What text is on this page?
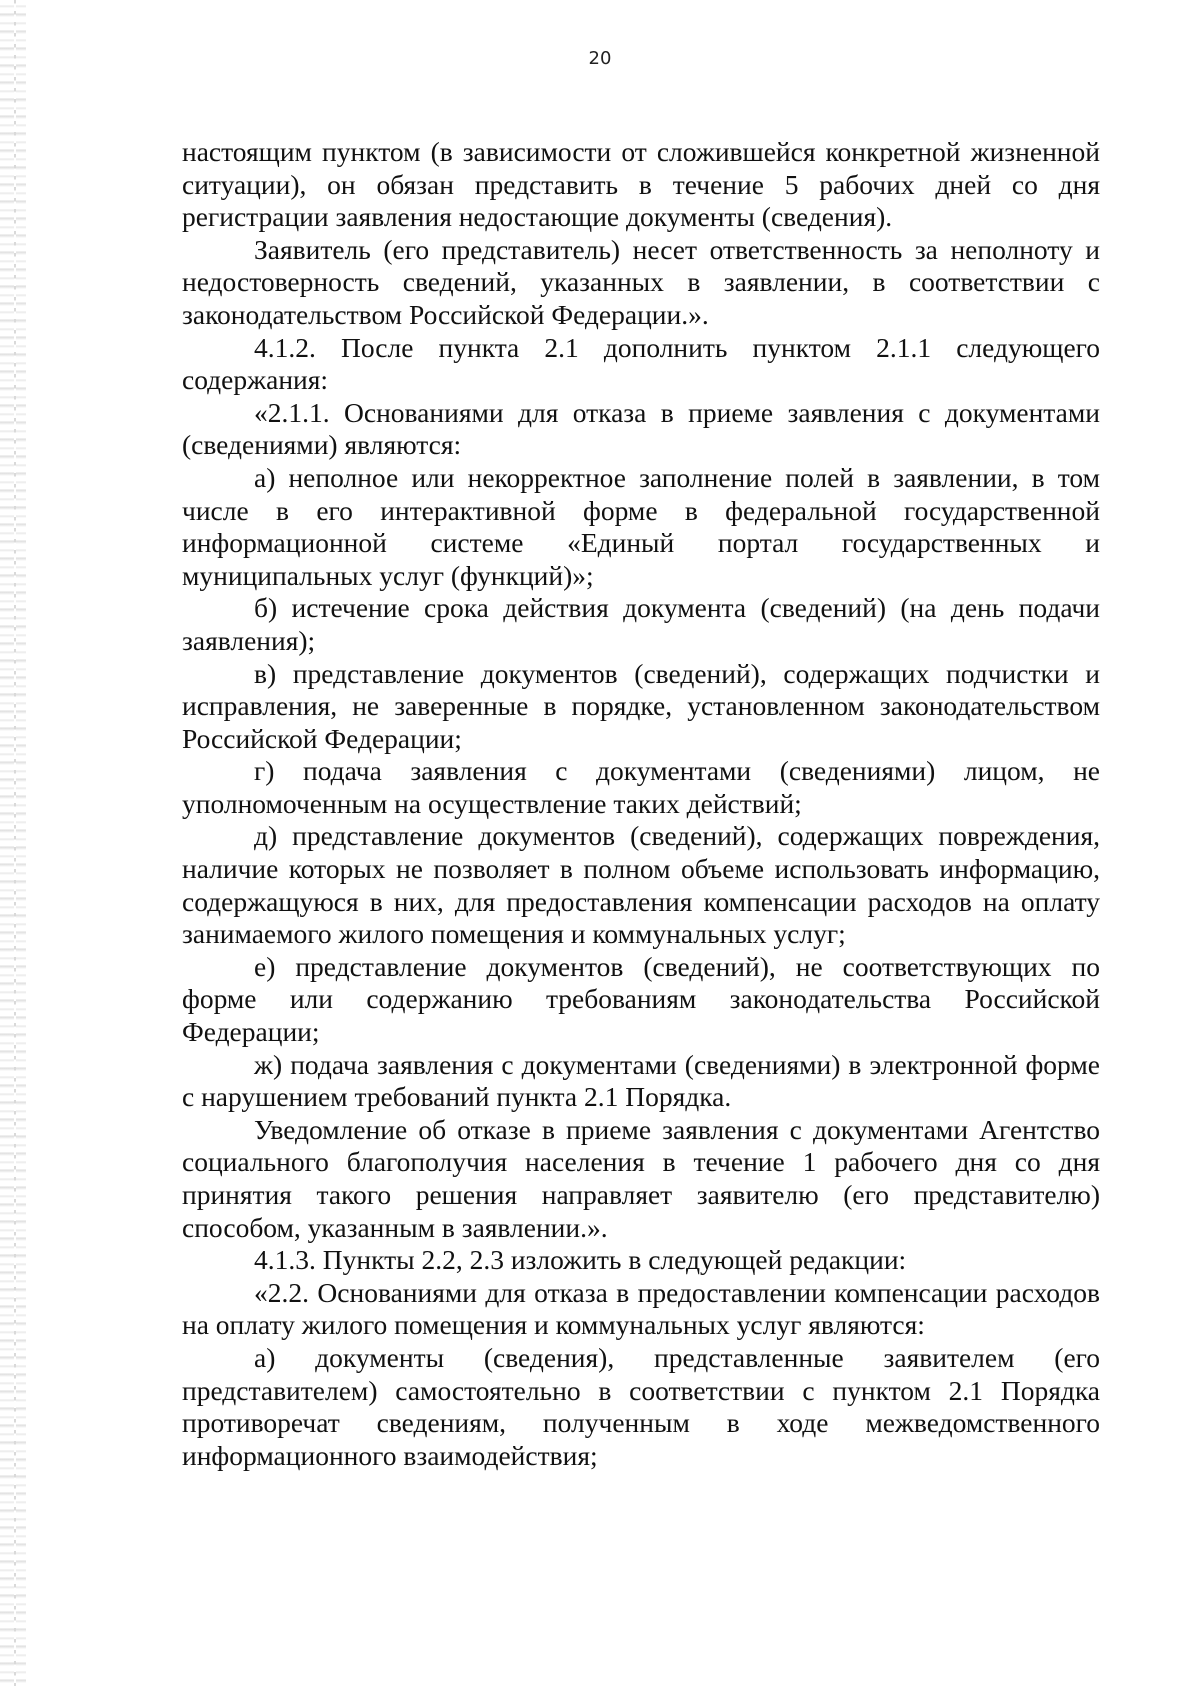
20

настоящим пунктом (в зависимости от сложившейся конкретной жизненной ситуации), он обязан представить в течение 5 рабочих дней со дня регистрации заявления недостающие документы (сведения).

Заявитель (его представитель) несет ответственность за неполноту и недостоверность сведений, указанных в заявлении, в соответствии с законодательством Российской Федерации.».

4.1.2. После пункта 2.1 дополнить пунктом 2.1.1 следующего содержания:

«2.1.1. Основаниями для отказа в приеме заявления с документами (сведениями) являются:

а) неполное или некорректное заполнение полей в заявлении, в том числе в его интерактивной форме в федеральной государственной информационной системе «Единый портал государственных и муниципальных услуг (функций)»;

б) истечение срока действия документа (сведений) (на день подачи заявления);

в) представление документов (сведений), содержащих подчистки и исправления, не заверенные в порядке, установленном законодательством Российской Федерации;

г) подача заявления с документами (сведениями) лицом, не уполномоченным на осуществление таких действий;

д) представление документов (сведений), содержащих повреждения, наличие которых не позволяет в полном объеме использовать информацию, содержащуюся в них, для предоставления компенсации расходов на оплату занимаемого жилого помещения и коммунальных услуг;

е) представление документов (сведений), не соответствующих по форме или содержанию требованиям законодательства Российской Федерации;

ж) подача заявления с документами (сведениями) в электронной форме с нарушением требований пункта 2.1 Порядка.

Уведомление об отказе в приеме заявления с документами Агентство социального благополучия населения в течение 1 рабочего дня со дня принятия такого решения направляет заявителю (его представителю) способом, указанным в заявлении.».

4.1.3. Пункты 2.2, 2.3 изложить в следующей редакции:

«2.2. Основаниями для отказа в предоставлении компенсации расходов на оплату жилого помещения и коммунальных услуг являются:

а) документы (сведения), представленные заявителем (его представителем) самостоятельно в соответствии с пунктом 2.1 Порядка противоречат сведениям, полученным в ходе межведомственного информационного взаимодействия;
